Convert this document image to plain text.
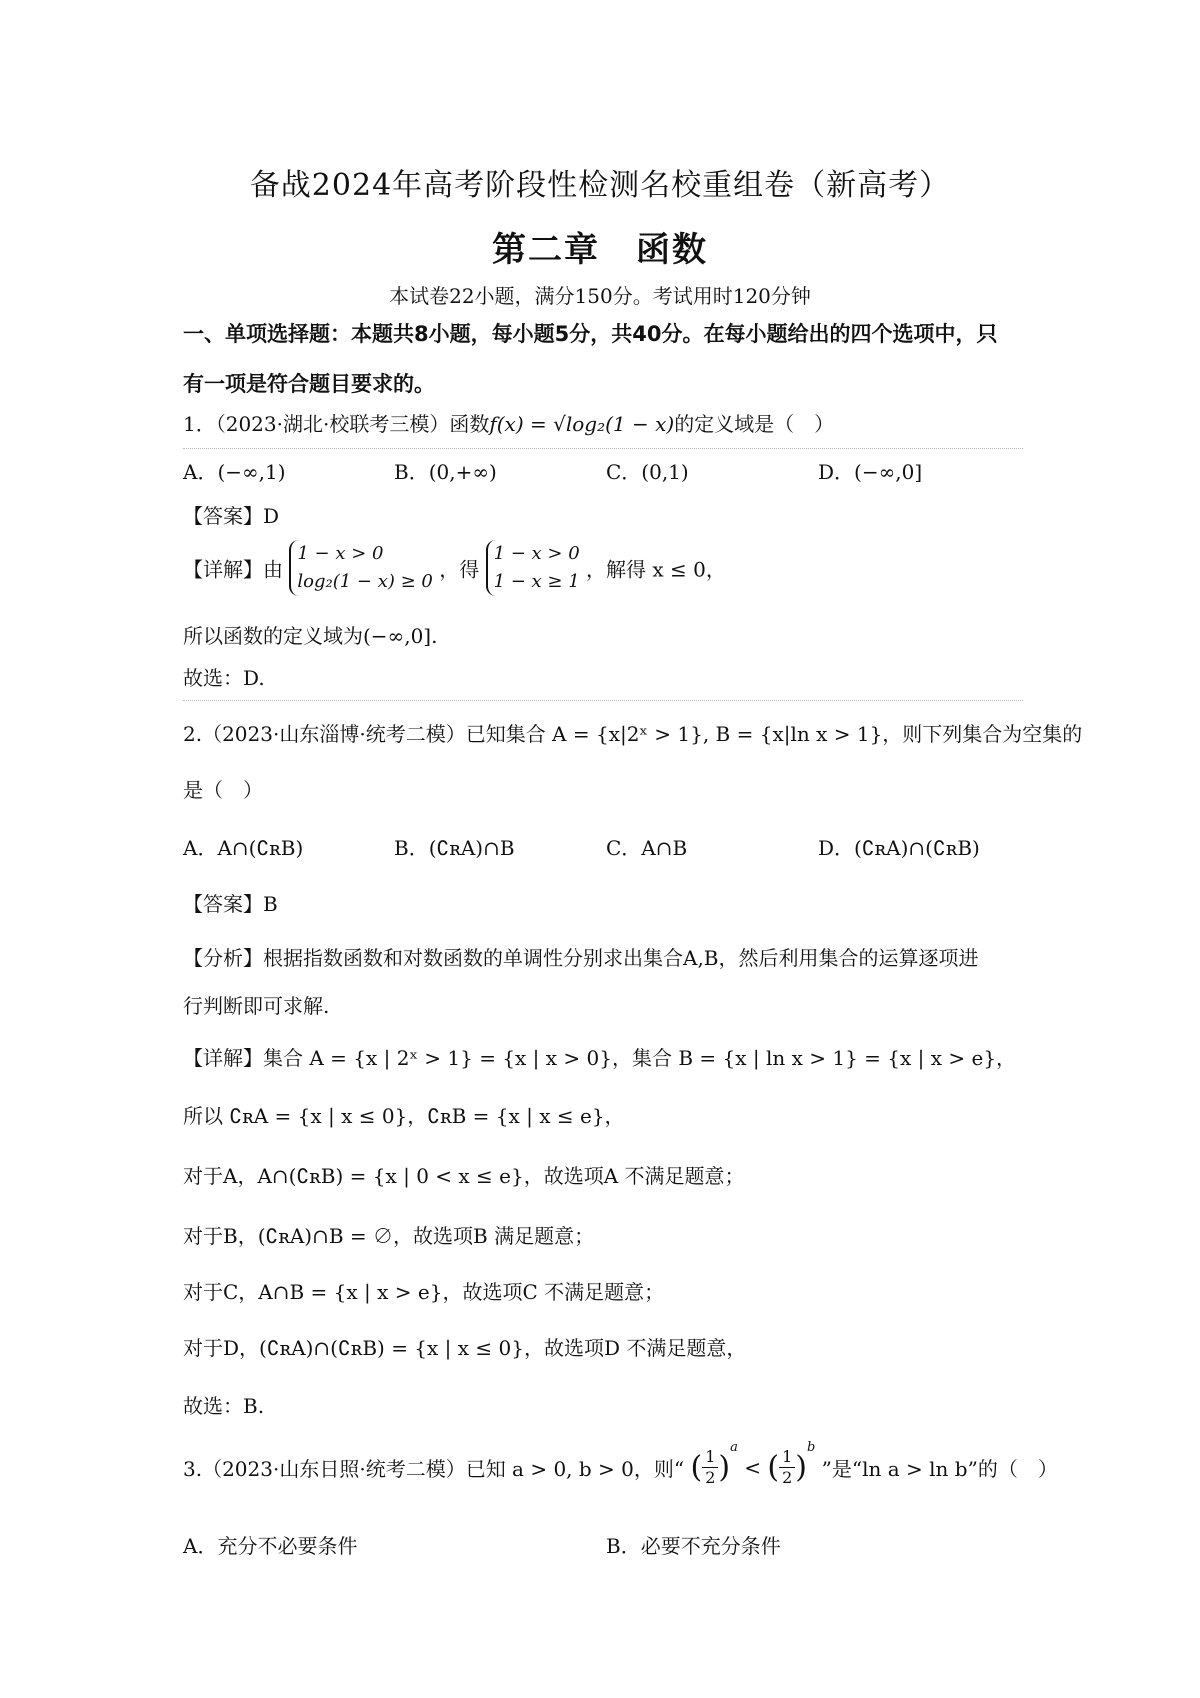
备战2024年高考阶段性检测名校重组卷（新高考）
第二章　函数
本试卷22小题，满分150分。考试用时120分钟
一、单项选择题：本题共8小题，每小题5分，共40分。在每小题给出的四个选项中，只
有一项是符合题目要求的。
1．（2023·湖北·校联考三模）函数f(x) = √log₂(1 − x)的定义域是（　）
A．(−∞,1)	B．(0,+∞)	C．(0,1)	D．(−∞,0]
【答案】D
【详解】由
1 − x > 0
log₂(1 − x) ≥ 0 ，得
1 − x > 0
1 − x ≥ 1 ，解得 x ≤ 0，
所以函数的定义域为(−∞,0].
故选：D.
2.（2023·山东淄博·统考二模）已知集合 A = {x|2ˣ > 1}, B = {x|ln x > 1}，则下列集合为空集的
是（　）
A．A∩(∁ʀB)	B．(∁ʀA)∩B	C．A∩B	D．(∁ʀA)∩(∁ʀB)
【答案】B
【分析】根据指数函数和对数函数的单调性分别求出集合A,B，然后利用集合的运算逐项进
行判断即可求解.
【详解】集合 A = {x | 2ˣ > 1} = {x | x > 0}，集合 B = {x | ln x > 1} = {x | x > e}，
所以 ∁ʀA = {x | x ≤ 0}，∁ʀB = {x | x ≤ e}，
对于A，A∩(∁ʀB) = {x | 0 < x ≤ e}，故选项A 不满足题意；
对于B，(∁ʀA)∩B = ∅，故选项B 满足题意；
对于C，A∩B = {x | x > e}，故选项C 不满足题意；
对于D，(∁ʀA)∩(∁ʀB) = {x | x ≤ 0}，故选项D 不满足题意，
故选：B.
3.（2023·山东日照·统考二模）已知 a > 0, b > 0，则“ ( $\frac{1}{2} )^a$ < ( $\frac{1}{2} )^b$ ”是“ln a > ln b”的（　）
A．充分不必要条件	B．必要不充分条件
